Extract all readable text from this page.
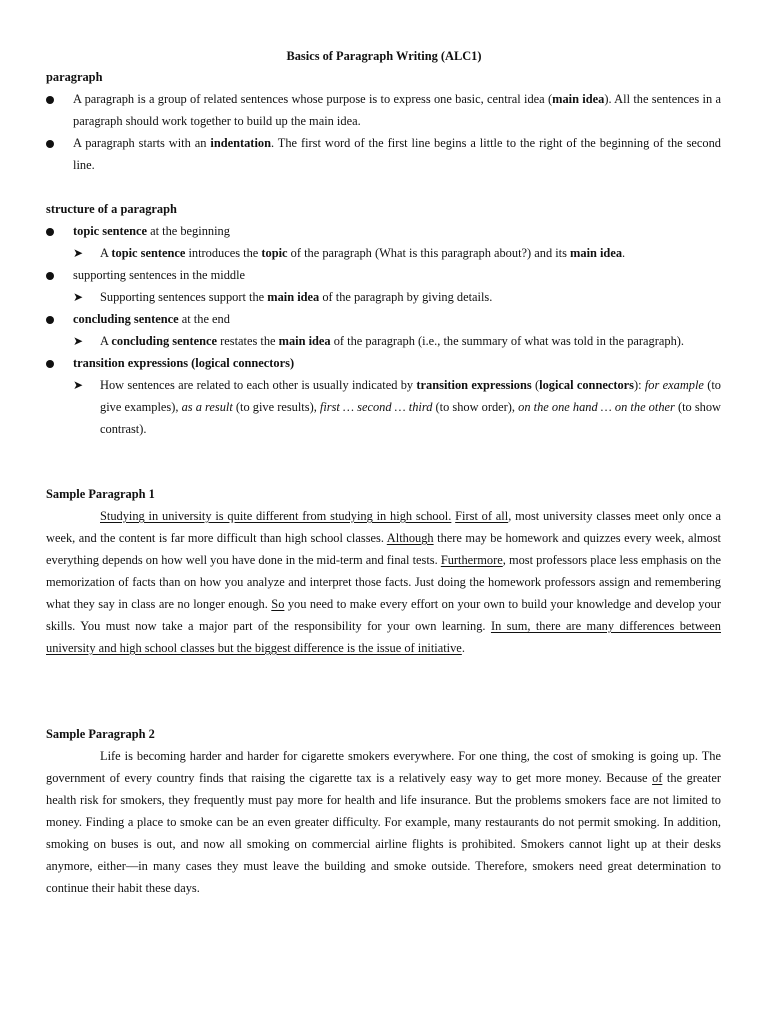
Basics of Paragraph Writing (ALC1)
paragraph
A paragraph is a group of related sentences whose purpose is to express one basic, central idea (main idea). All the sentences in a paragraph should work together to build up the main idea.
A paragraph starts with an indentation. The first word of the first line begins a little to the right of the beginning of the second line.
structure of a paragraph
topic sentence at the beginning
➤ A topic sentence introduces the topic of the paragraph (What is this paragraph about?) and its main idea.
supporting sentences in the middle
➤ Supporting sentences support the main idea of the paragraph by giving details.
concluding sentence at the end
➤ A concluding sentence restates the main idea of the paragraph (i.e., the summary of what was told in the paragraph).
transition expressions (logical connectors)
➤ How sentences are related to each other is usually indicated by transition expressions (logical connectors): for example (to give examples), as a result (to give results), first … second … third (to show order), on the one hand … on the other (to show contrast).
Sample Paragraph 1
Studying in university is quite different from studying in high school. First of all, most university classes meet only once a week, and the content is far more difficult than high school classes. Although there may be homework and quizzes every week, almost everything depends on how well you have done in the mid-term and final tests. Furthermore, most professors place less emphasis on the memorization of facts than on how you analyze and interpret those facts. Just doing the homework professors assign and remembering what they say in class are no longer enough. So you need to make every effort on your own to build your knowledge and develop your skills. You must now take a major part of the responsibility for your own learning. In sum, there are many differences between university and high school classes but the biggest difference is the issue of initiative.
Sample Paragraph 2
Life is becoming harder and harder for cigarette smokers everywhere. For one thing, the cost of smoking is going up. The government of every country finds that raising the cigarette tax is a relatively easy way to get more money. Because of the greater health risk for smokers, they frequently must pay more for health and life insurance. But the problems smokers face are not limited to money. Finding a place to smoke can be an even greater difficulty. For example, many restaurants do not permit smoking. In addition, smoking on buses is out, and now all smoking on commercial airline flights is prohibited. Smokers cannot light up at their desks anymore, either—in many cases they must leave the building and smoke outside. Therefore, smokers need great determination to continue their habit these days.
